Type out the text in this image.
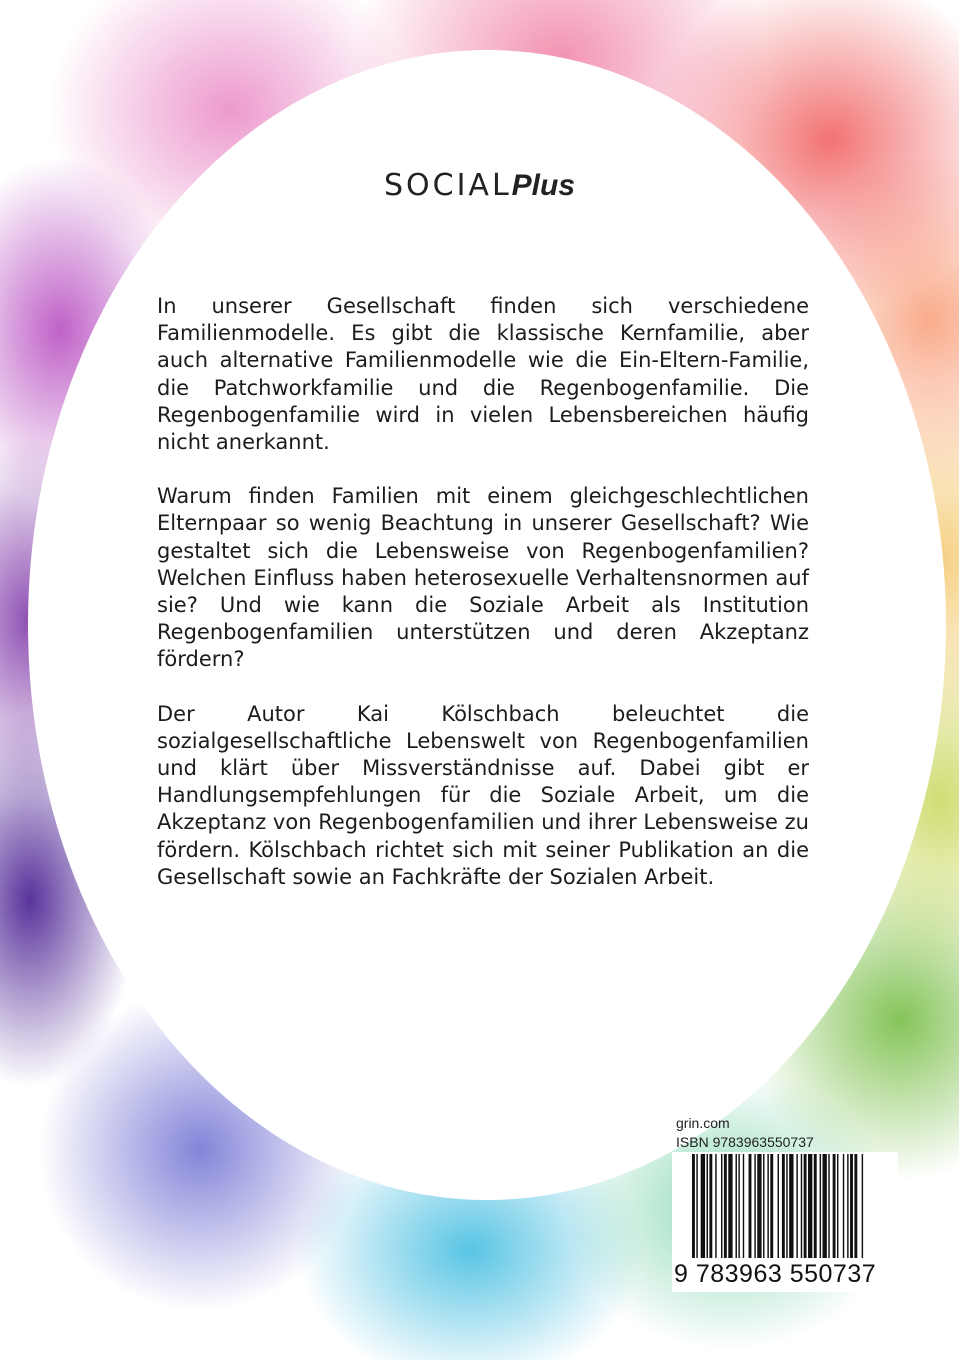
SOCIALPlus

In unserer Gesellschaft finden sich verschiedene Familienmodelle. Es gibt die klassische Kernfamilie, aber auch alternative Familienmodelle wie die Ein-Eltern-Familie, die Patchworkfamilie und die Regenbogenfamilie. Die Regenbogenfamilie wird in vielen Lebensbereichen häufig nicht anerkannt.

Warum finden Familien mit einem gleichgeschlechtlichen Elternpaar so wenig Beachtung in unserer Gesellschaft? Wie gestaltet sich die Lebensweise von Regenbogenfamilien? Welchen Einfluss haben heterosexuelle Verhaltensnormen auf sie? Und wie kann die Soziale Arbeit als Institution Regenbogenfamilien unterstützen und deren Akzeptanz fördern?

Der Autor Kai Kölschbach beleuchtet die sozialgesellschaftliche Lebenswelt von Regenbogenfamilien und klärt über Missverständnisse auf. Dabei gibt er Handlungsempfehlungen für die Soziale Arbeit, um die Akzeptanz von Regenbogenfamilien und ihrer Lebensweise zu fördern. Kölschbach richtet sich mit seiner Publikation an die Gesellschaft sowie an Fachkräfte der Sozialen Arbeit.

grin.com
ISBN 9783963550737
9 783963 550737
